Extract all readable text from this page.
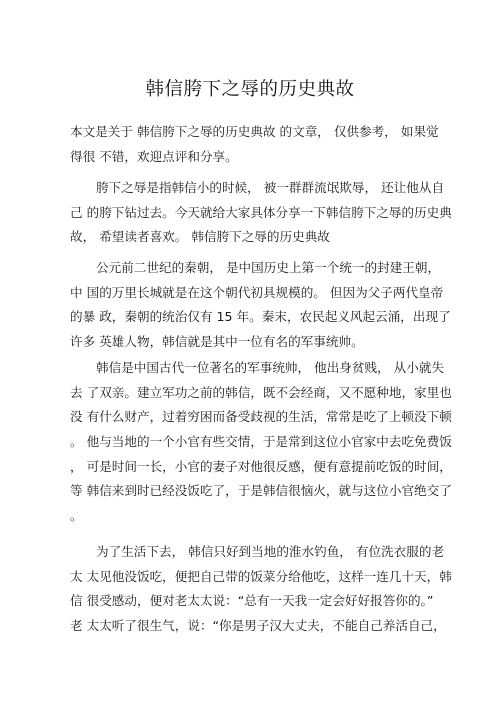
韩信胯下之辱的历史典故
本文是关于 韩信胯下之辱的历史典故 的文章， 仅供参考， 如果觉
得很 不错，欢迎点评和分享。
胯下之辱是指韩信小的时候， 被一群群流氓欺辱， 还让他从自
己 的胯下钻过去。今天就给大家具体分享一下韩信胯下之辱的历史典
故， 希望读者喜欢。 韩信胯下之辱的历史典故
公元前二世纪的秦朝， 是中国历史上第一个统一的封建王朝，
中 国的万里长城就是在这个朝代初具规模的。 但因为父子两代皇帝
的暴 政，秦朝的统治仅有 15 年。秦末，农民起义风起云涌，出现了
许多 英雄人物，韩信就是其中一位有名的军事统帅。
韩信是中国古代一位著名的军事统帅， 他出身贫贱， 从小就失
去 了双亲。建立军功之前的韩信，既不会经商，又不愿种地，家里也
没 有什么财产，过着穷困而备受歧视的生活，常常是吃了上顿没下顿
。 他与当地的一个小官有些交情，于是常到这位小官家中去吃免费饭
， 可是时间一长，小官的妻子对他很反感，便有意提前吃饭的时间，
等 韩信来到时已经没饭吃了，于是韩信很恼火，就与这位小官绝交了
。
为了生活下去， 韩信只好到当地的淮水钓鱼， 有位洗衣服的老
太 太见他没饭吃，便把自己带的饭菜分给他吃，这样一连几十天，韩
信 很受感动，便对老太太说：“总有一天我一定会好好报答你的。”
老 太太听了很生气，说：“你是男子汉大丈夫，不能自己养活自己，
